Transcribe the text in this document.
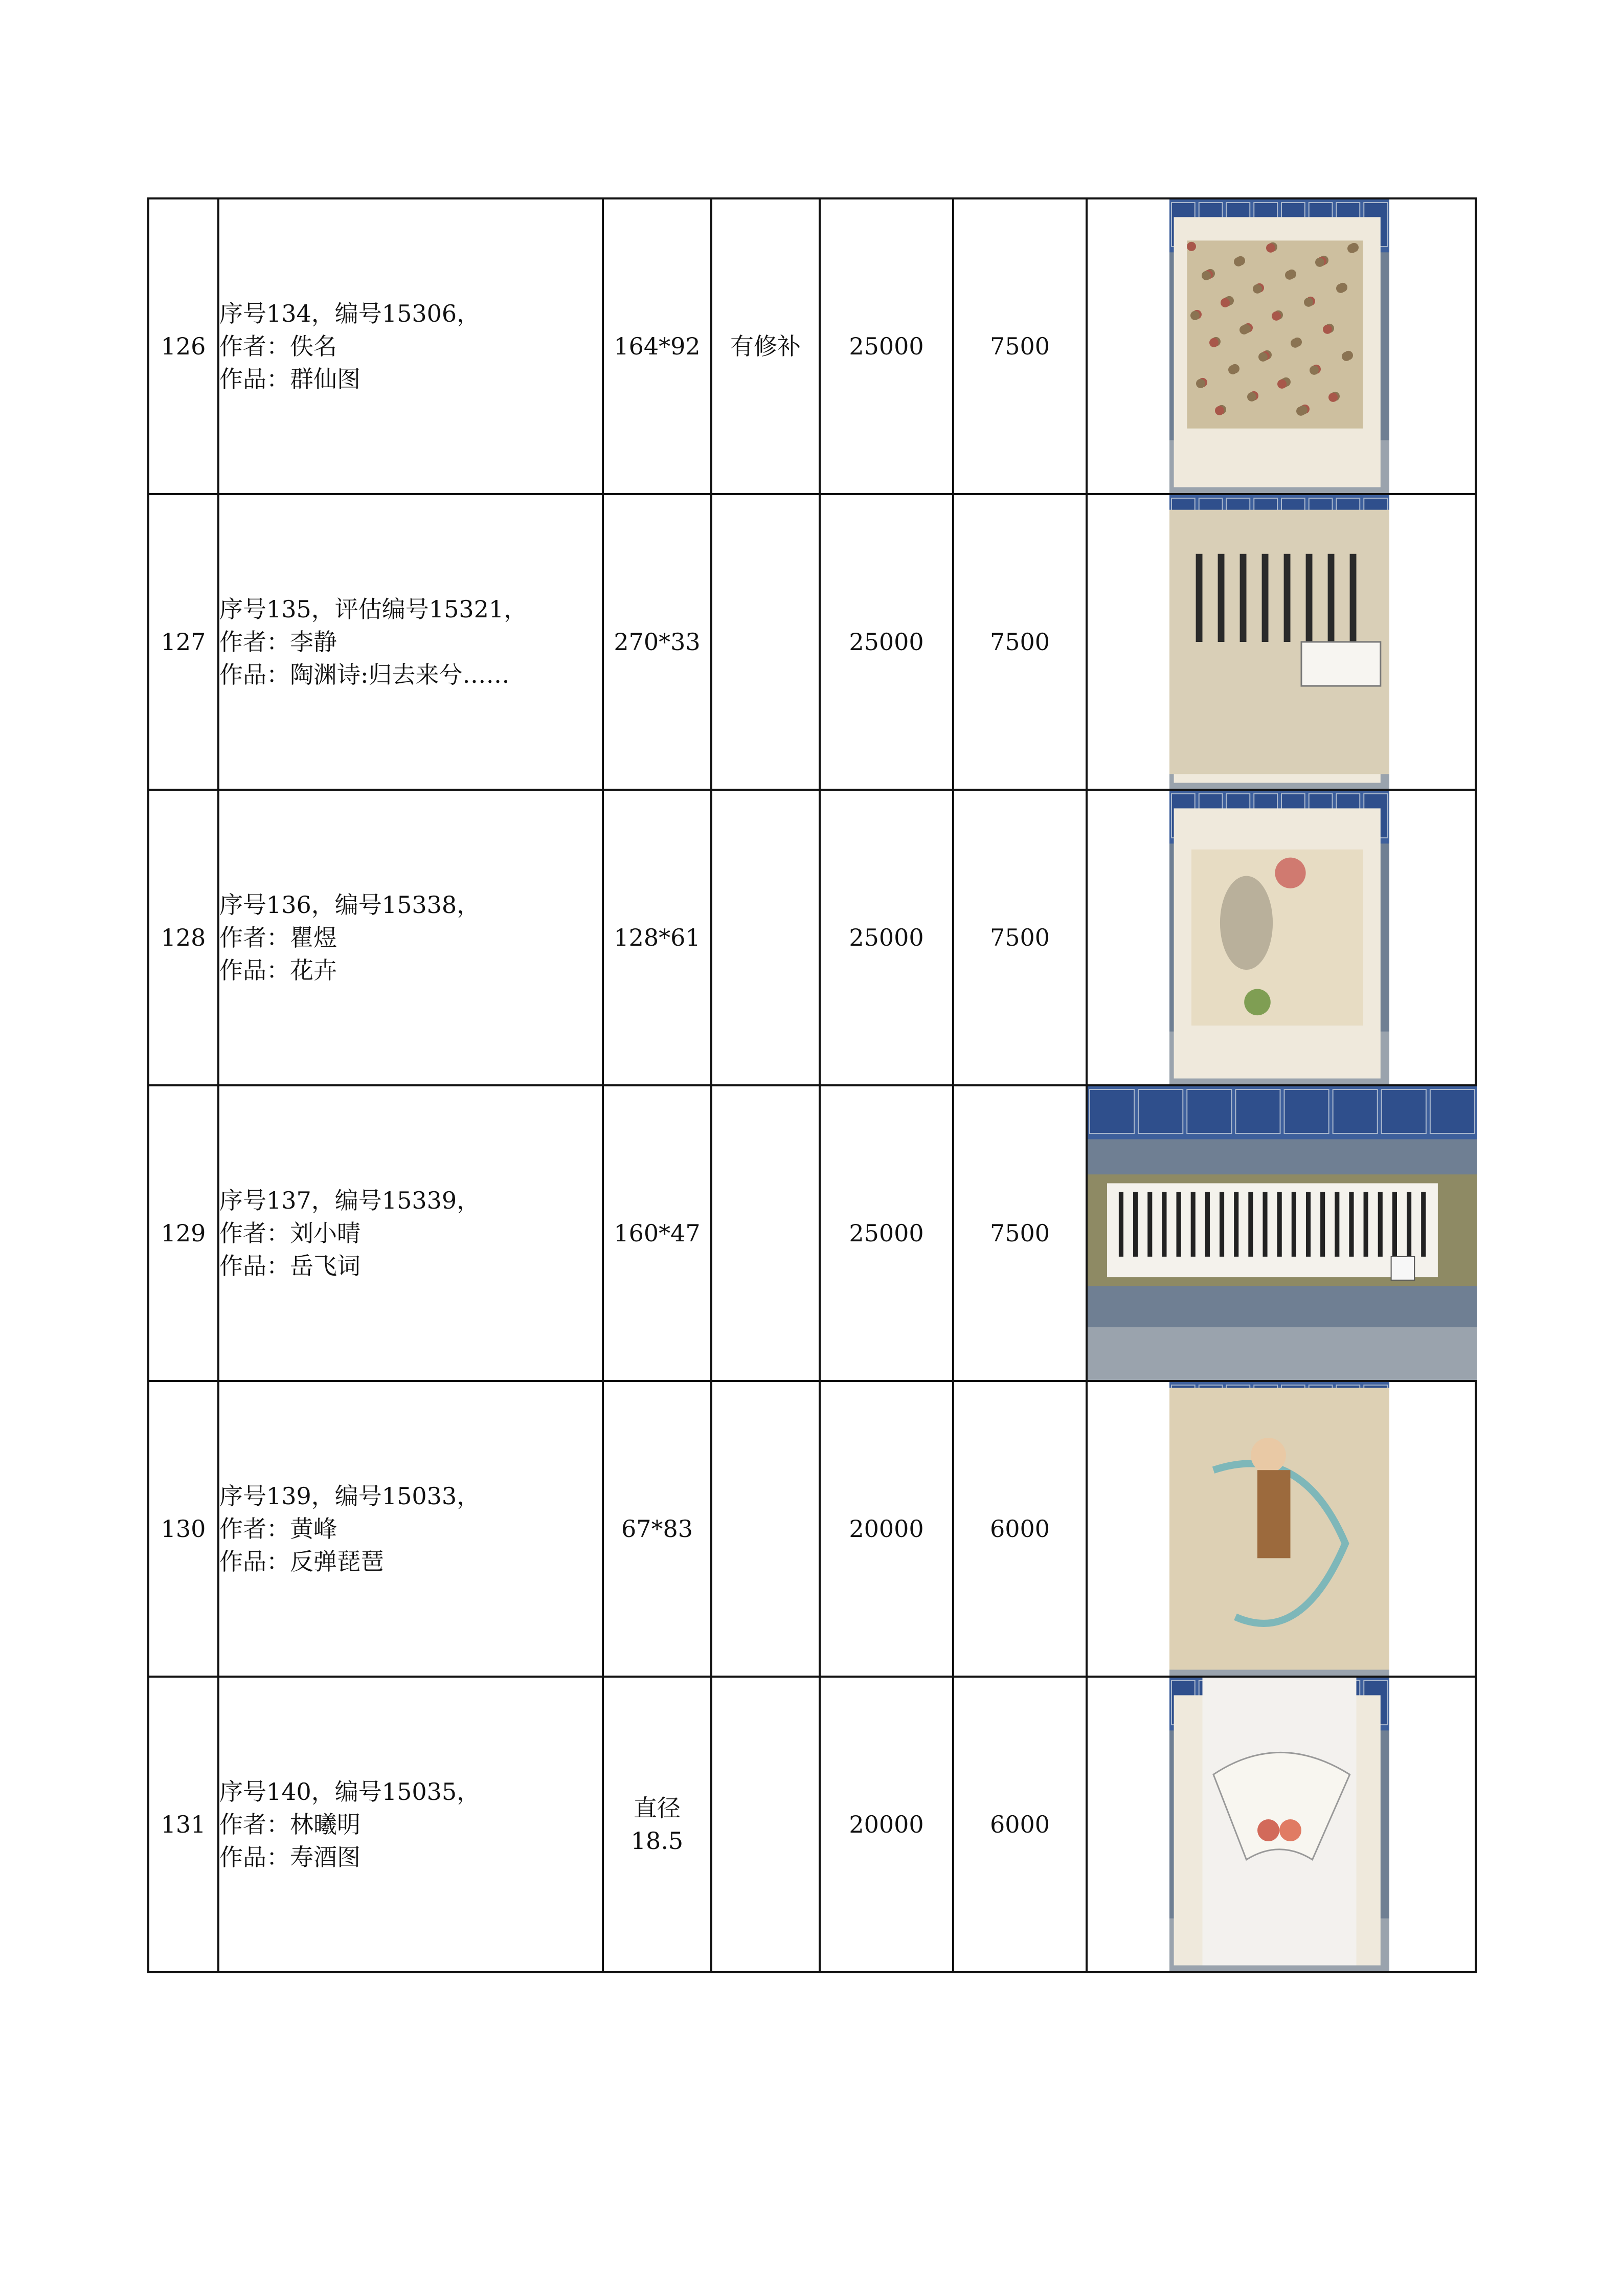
126	序号134，编号15306，
作者：佚名
作品：群仙图	164*92	有修补	25000	7500	

127	序号135，评估编号15321，
作者：李静
作品：陶渊诗:归去来兮……	270*33		25000	7500	

128	序号136，编号15338，
作者：瞿煜
作品：花卉	128*61		25000	7500	

129	序号137，编号15339，
作者：刘小晴
作品：岳飞词	160*47		25000	7500	

130	序号139，编号15033，
作者：黄峰
作品：反弹琵琶	67*83		20000	6000	

131	序号140，编号15035，
作者：林曦明
作品：寿酒图	直径
18.5		20000	6000	
